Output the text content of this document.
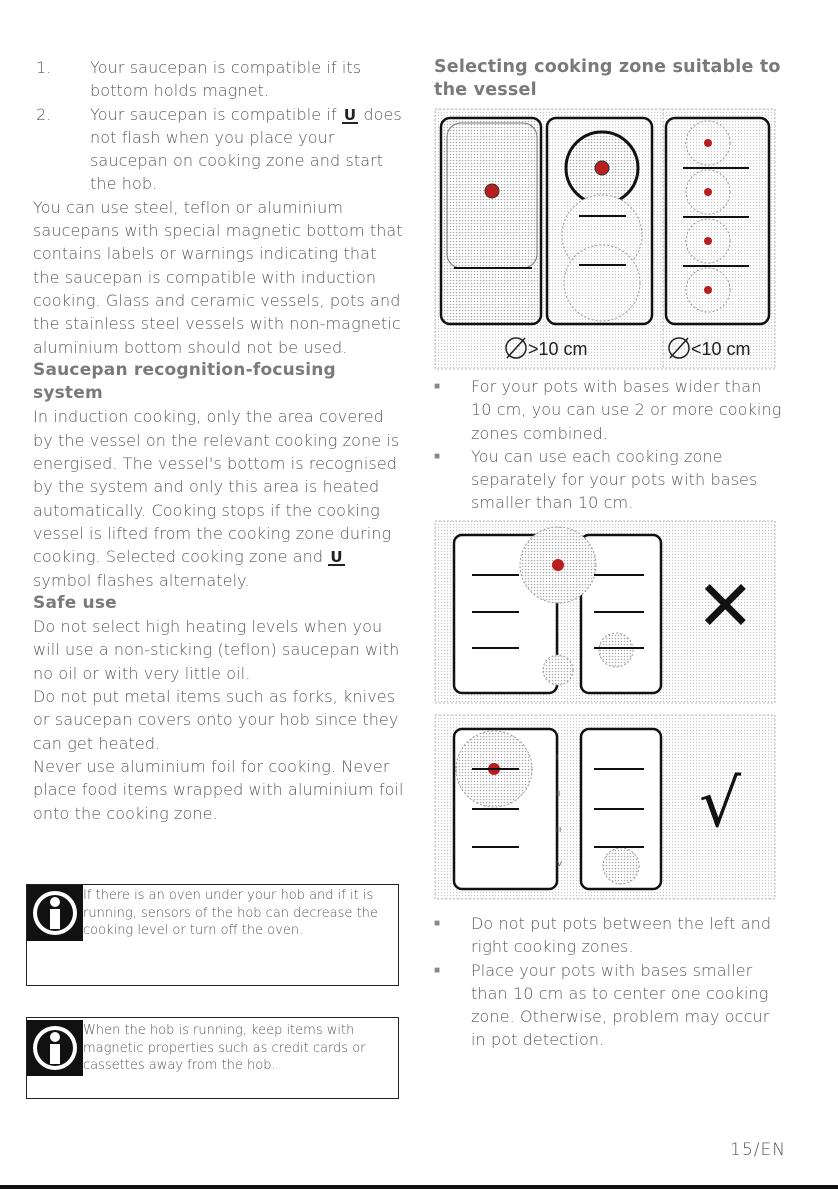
1. Your saucepan is compatible if its bottom holds magnet.
2. Your saucepan is compatible if U does not flash when you place your saucepan on cooking zone and start the hob.

You can use steel, teflon or aluminium saucepans with special magnetic bottom that contains labels or warnings indicating that the saucepan is compatible with induction cooking. Glass and ceramic vessels, pots and the stainless steel vessels with non-magnetic aluminium bottom should not be used.

Saucepan recognition-focusing system

In induction cooking, only the area covered by the vessel on the relevant cooking zone is energised. The vessel's bottom is recognised by the system and only this area is heated automatically. Cooking stops if the cooking vessel is lifted from the cooking zone during cooking. Selected cooking zone and U symbol flashes alternately.

Safe use

Do not select high heating levels when you will use a non-sticking (teflon) saucepan with no oil or with very little oil.

Do not put metal items such as forks, knives or saucepan covers onto your hob since they can get heated.

Never use aluminium foil for cooking. Never place food items wrapped with aluminium foil onto the cooking zone.

If there is an oven under your hob and if it is running, sensors of the hob can decrease the cooking level or turn off the oven.

When the hob is running, keep items with magnetic properties such as credit cards or cassettes away from the hob.

Selecting cooking zone suitable to the vessel

>10 cm	<10 cm
■ For your pots with bases wider than 10 cm, you can use 2 or more cooking zones combined.
■ You can use each cooking zone separately for your pots with bases smaller than 10 cm.
✕
I
II
III
IV
√
■ Do not put pots between the left and right cooking zones.
■ Place your pots with bases smaller than 10 cm as to center one cooking zone. Otherwise, problem may occur in pot detection.
15/EN
